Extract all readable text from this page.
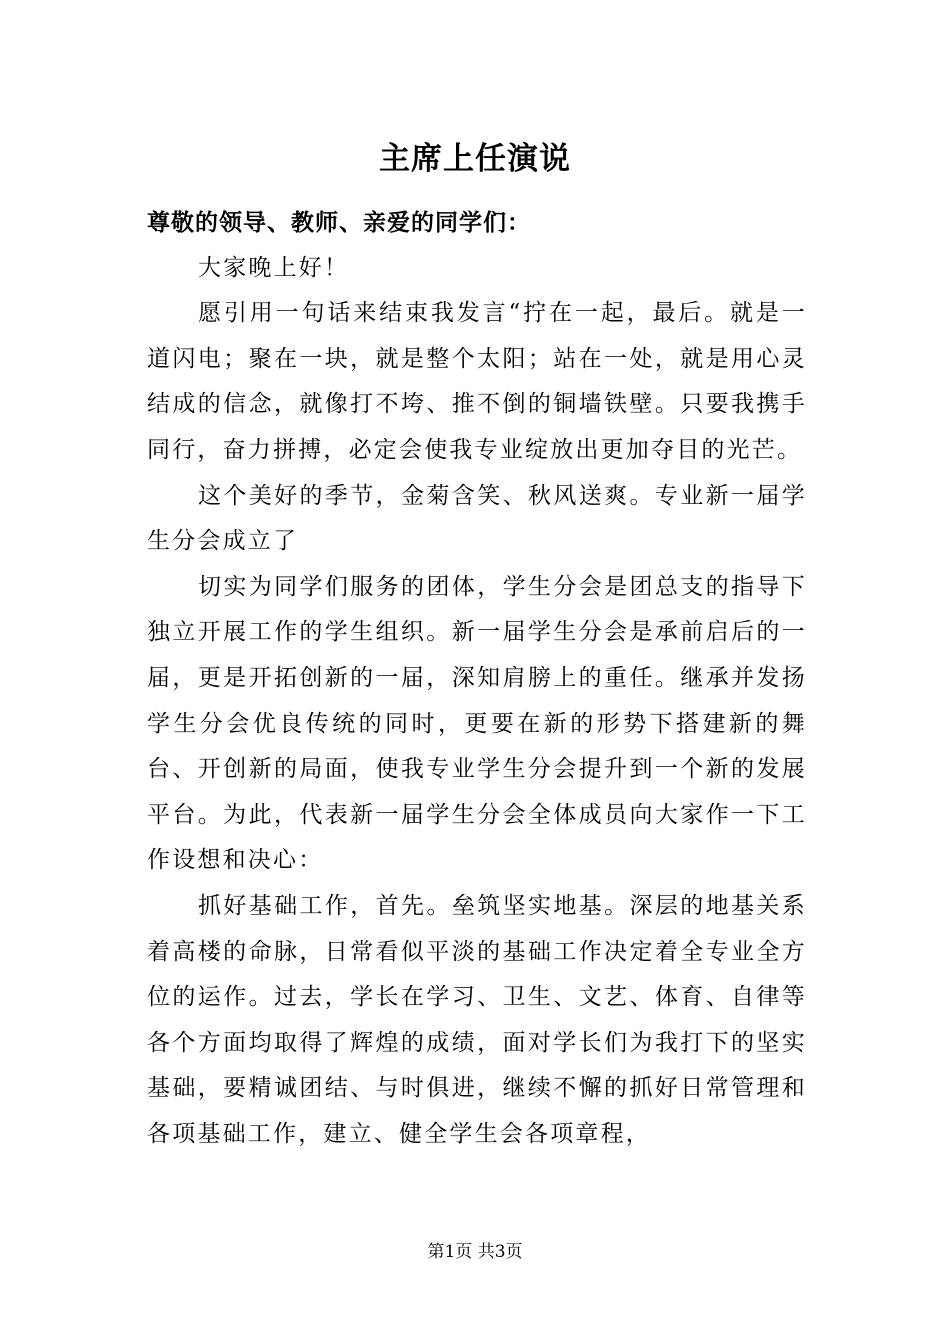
主席上任演说

尊敬的领导、教师、亲爱的同学们：

大家晚上好！

愿引用一句话来结束我发言“拧在一起，最后。就是一道闪电；聚在一块，就是整个太阳；站在一处，就是用心灵结成的信念，就像打不垮、推不倒的铜墙铁壁。只要我携手同行，奋力拼搏，必定会使我专业绽放出更加夺目的光芒。

这个美好的季节，金菊含笑、秋风送爽。专业新一届学生分会成立了

切实为同学们服务的团体，学生分会是团总支的指导下独立开展工作的学生组织。新一届学生分会是承前启后的一届，更是开拓创新的一届，深知肩膀上的重任。继承并发扬学生分会优良传统的同时，更要在新的形势下搭建新的舞台、开创新的局面，使我专业学生分会提升到一个新的发展平台。为此，代表新一届学生分会全体成员向大家作一下工作设想和决心：

抓好基础工作，首先。垒筑坚实地基。深层的地基关系着高楼的命脉，日常看似平淡的基础工作决定着全专业全方位的运作。过去，学长在学习、卫生、文艺、体育、自律等各个方面均取得了辉煌的成绩，面对学长们为我打下的坚实基础，要精诚团结、与时俱进，继续不懈的抓好日常管理和各项基础工作，建立、健全学生会各项章程，

第1页 共3页
